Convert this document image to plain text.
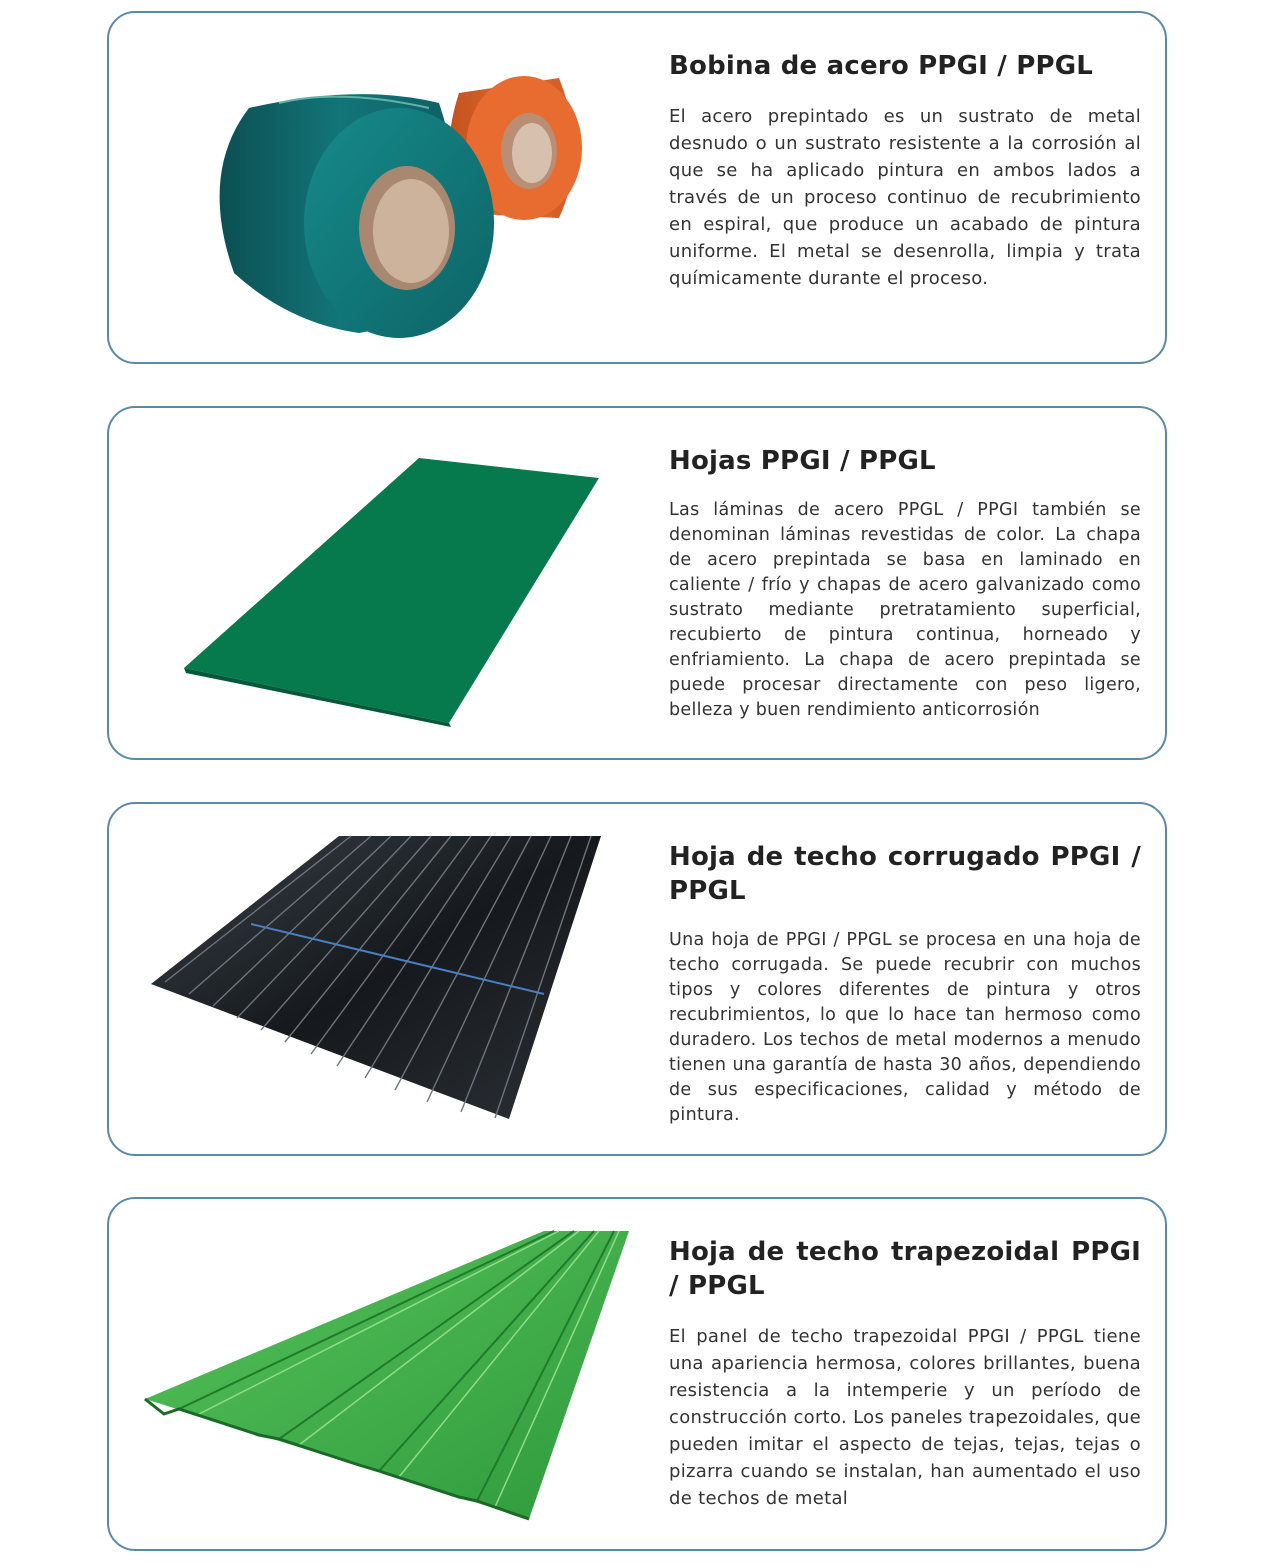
Bobina de acero PPGI / PPGL
El acero prepintado es un sustrato de metal desnudo o un sustrato resistente a la corrosión al que se ha aplicado pintura en ambos lados a través de un proceso continuo de recubrimiento en espiral, que produce un acabado de pintura uniforme. El metal se desenrolla, limpia y trata químicamente durante el proceso.
Hojas PPGI / PPGL
Las láminas de acero PPGL / PPGI también se denominan láminas revestidas de color. La chapa de acero prepintada se basa en laminado en caliente / frío y chapas de acero galvanizado como sustrato mediante pretratamiento superficial, recubierto de pintura continua, horneado y enfriamiento. La chapa de acero prepintada se puede procesar directamente con peso ligero, belleza y buen rendimiento anticorrosión
Hoja de techo corrugado PPGI / PPGL
Una hoja de PPGI / PPGL se procesa en una hoja de techo corrugada. Se puede recubrir con muchos tipos y colores diferentes de pintura y otros recubrimientos, lo que lo hace tan hermoso como duradero. Los techos de metal modernos a menudo tienen una garantía de hasta 30 años, dependiendo de sus especificaciones, calidad y método de pintura.
Hoja de techo trapezoidal PPGI / PPGL
El panel de techo trapezoidal PPGI / PPGL tiene una apariencia hermosa, colores brillantes, buena resistencia a la intemperie y un período de construcción corto. Los paneles trapezoidales, que pueden imitar el aspecto de tejas, tejas, tejas o pizarra cuando se instalan, han aumentado el uso de techos de metal
